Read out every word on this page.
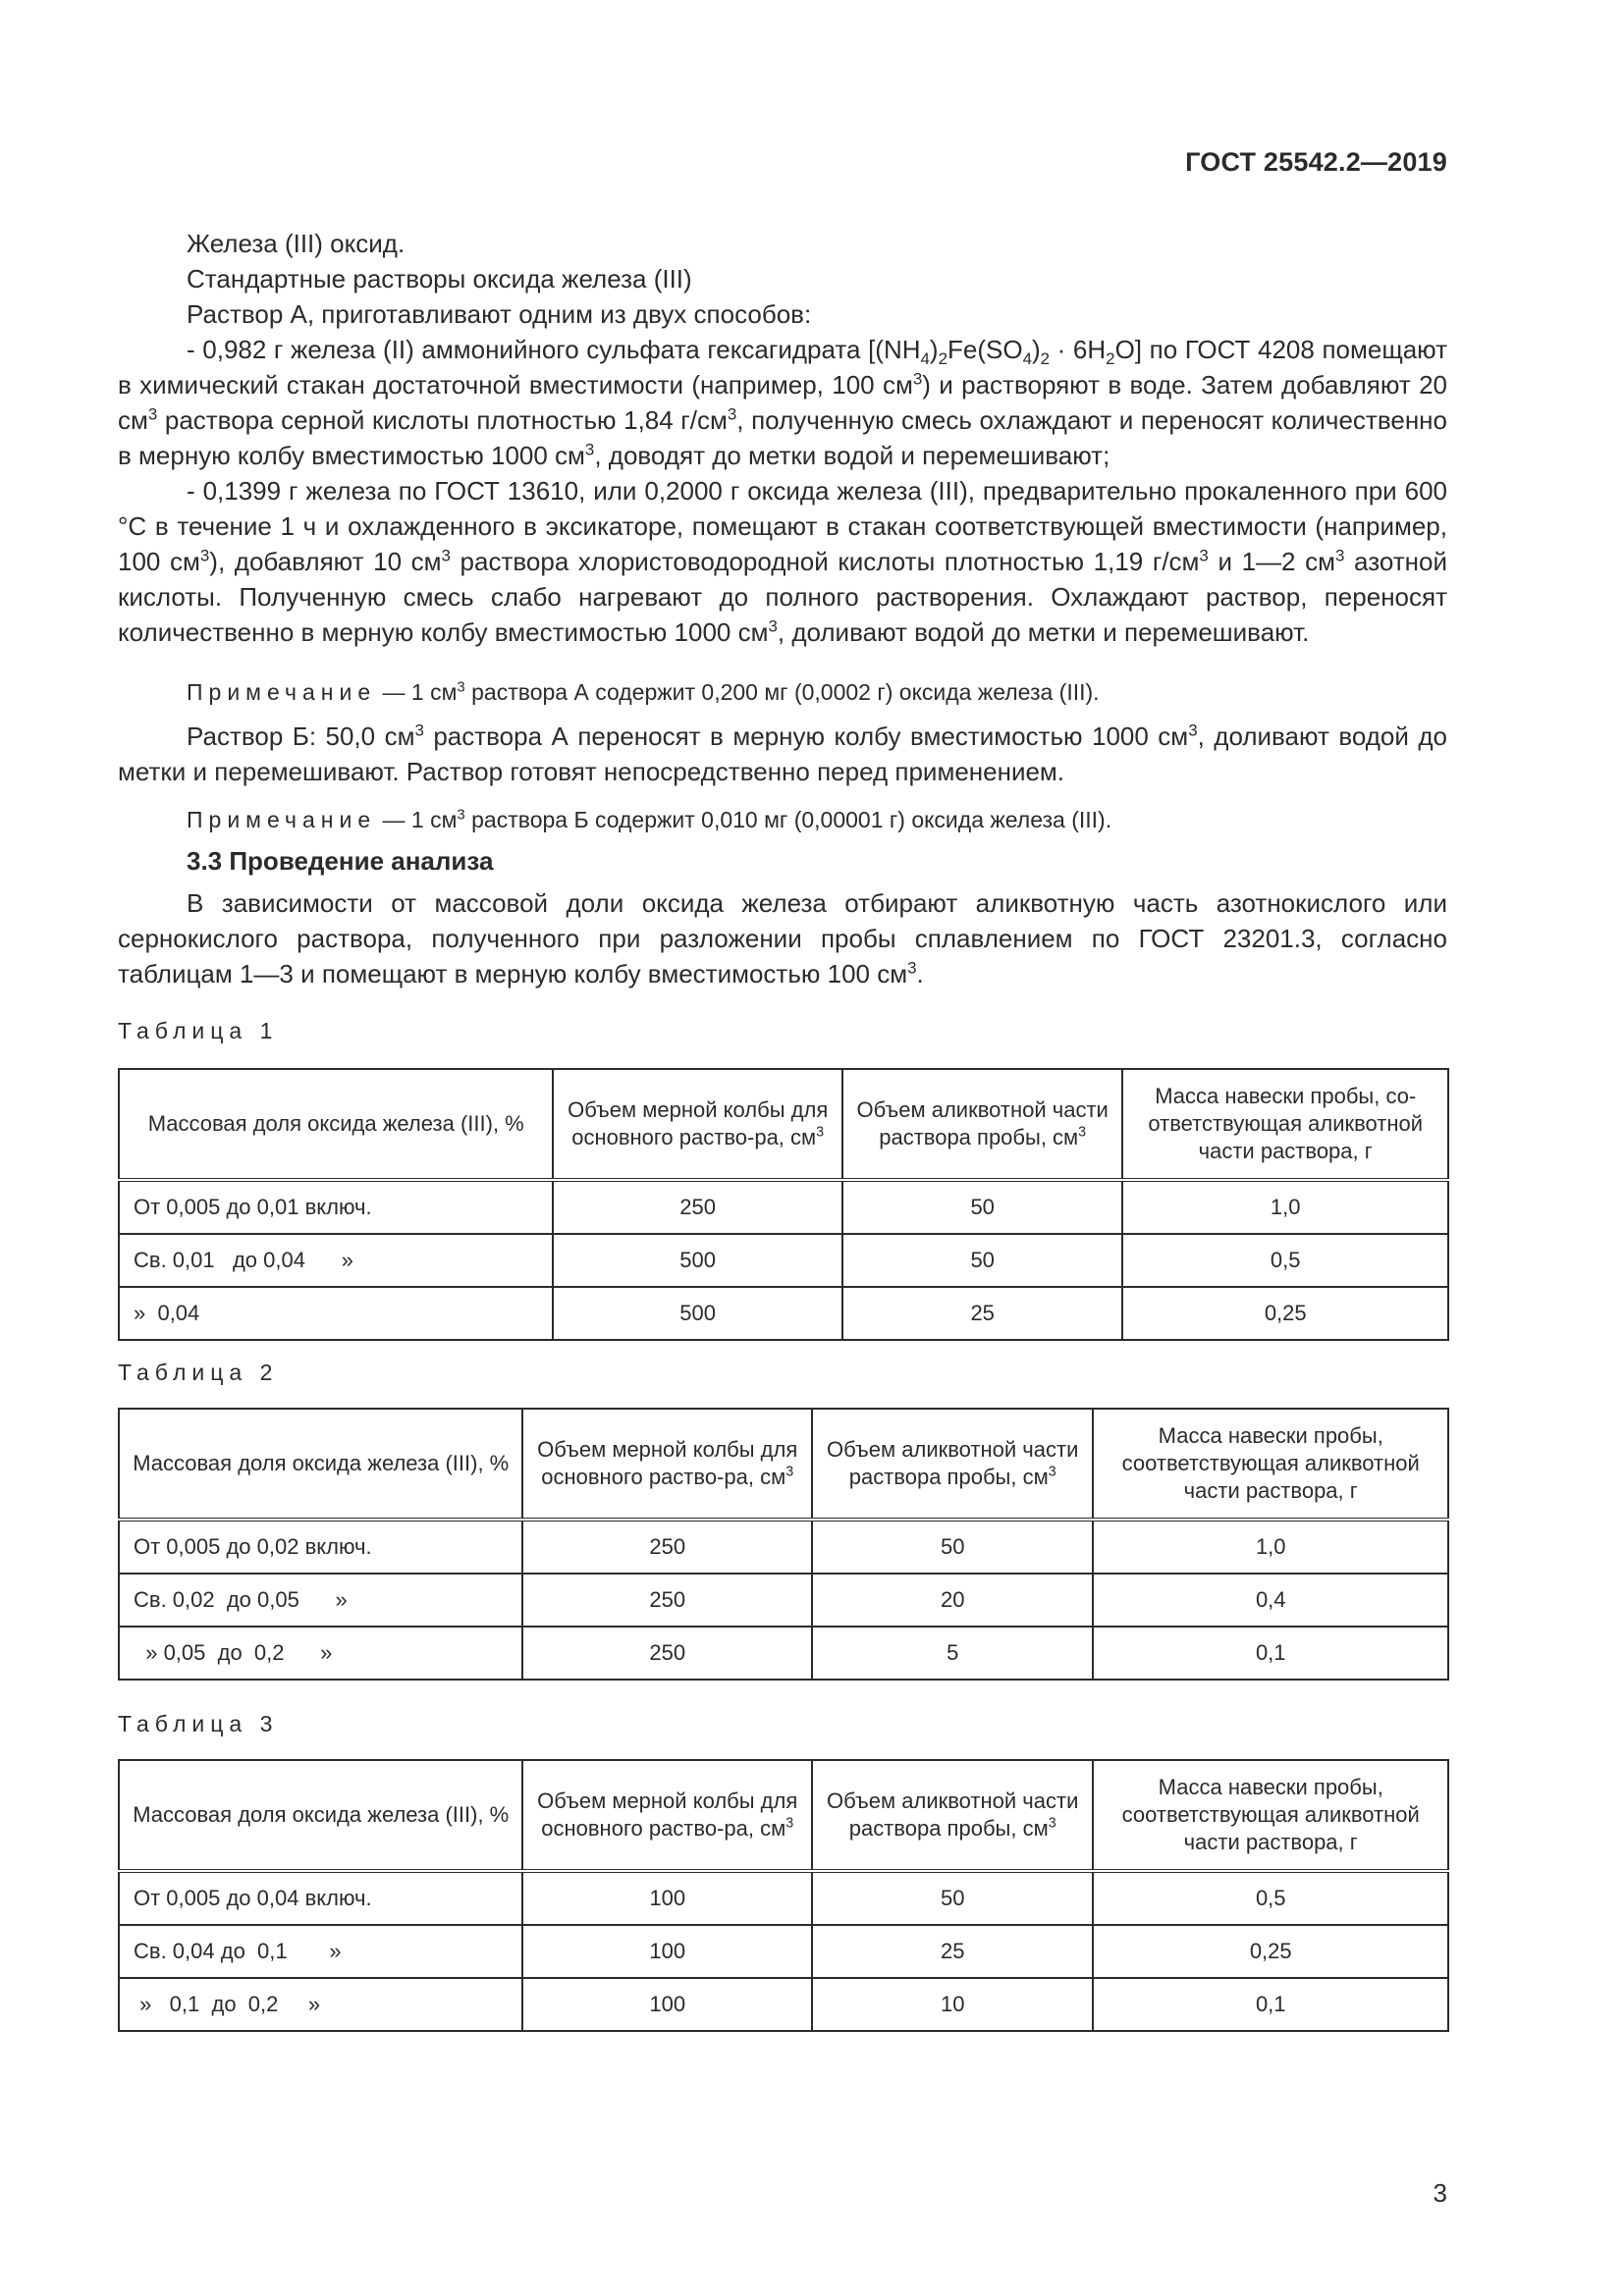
ГОСТ 25542.2—2019
Железа (III) оксид.
Стандартные растворы оксида железа (III)
Раствор А, приготавливают одним из двух способов:
- 0,982 г железа (II) аммонийного сульфата гексагидрата $[(NH_4)_2Fe(SO_4)_2 \cdot 6H_2O]$ по ГОСТ 4208 помещают в химический стакан достаточной вместимости (например, 100 $см^3$) и растворяют в воде. Затем добавляют 20 $см^3$ раствора серной кислоты плотностью 1,84 $г/см^3$, полученную смесь охлаждают и переносят количественно в мерную колбу вместимостью 1000 $см^3$, доводят до метки водой и перемешивают;
- 0,1399 г железа по ГОСТ 13610, или 0,2000 г оксида железа (III), предварительно прокаленного при 600 °С в течение 1 ч и охлажденного в эксикаторе, помещают в стакан соответствующей вместимости (например, 100 $см^3$), добавляют 10 $см^3$ раствора хлористоводородной кислоты плотностью 1,19 $г/см^3$ и 1—2 $см^3$ азотной кислоты. Полученную смесь слабо нагревают до полного растворения. Охлаждают раствор, переносят количественно в мерную колбу вместимостью 1000 $см^3$, доливают водой до метки и перемешивают.
Примечание — 1 $см^3$ раствора А содержит 0,200 мг (0,0002 г) оксида железа (III).
Раствор Б: 50,0 $см^3$ раствора А переносят в мерную колбу вместимостью 1000 $см^3$, доливают водой до метки и перемешивают. Раствор готовят непосредственно перед применением.
Примечание — 1 $см^3$ раствора Б содержит 0,010 мг (0,00001 г) оксида железа (III).
3.3 Проведение анализа
В зависимости от массовой доли оксида железа отбирают аликвотную часть азотнокислого или сернокислого раствора, полученного при разложении пробы сплавлением по ГОСТ 23201.3, согласно таблицам 1—3 и помещают в мерную колбу вместимостью 100 $см^3$.
Таблица 1
Массовая доля оксида железа (III), %	Объем мерной колбы для основного раство-ра, $см^3$	Объем аликвотной части раствора пробы, $см^3$	Масса навески пробы, со-ответствующая аликвотной части раствора, г
От 0,005 до 0,01 включ.	250	50	1,0
Св. 0,01   до 0,04      »	500	50	0,5
»  0,04	500	25	0,25
Таблица 2
Массовая доля оксида железа (III), %	Объем мерной колбы для основного раство-ра, $см^3$	Объем аликвотной части раствора пробы, $см^3$	Масса навески пробы, соответствующая аликвотной части раствора, г
От 0,005 до 0,02 включ.	250	50	1,0
Св. 0,02  до 0,05      »	250	20	0,4
» 0,05  до  0,2      »	250	5	0,1
Таблица 3
Массовая доля оксида железа (III), %	Объем мерной колбы для основного раство-ра, $см^3$	Объем аликвотной части раствора пробы, $см^3$	Масса навески пробы, соответствующая аликвотной части раствора, г
От 0,005 до 0,04 включ.	100	50	0,5
Св. 0,04 до  0,1       »	100	25	0,25
»   0,1  до  0,2     »	100	10	0,1
3
